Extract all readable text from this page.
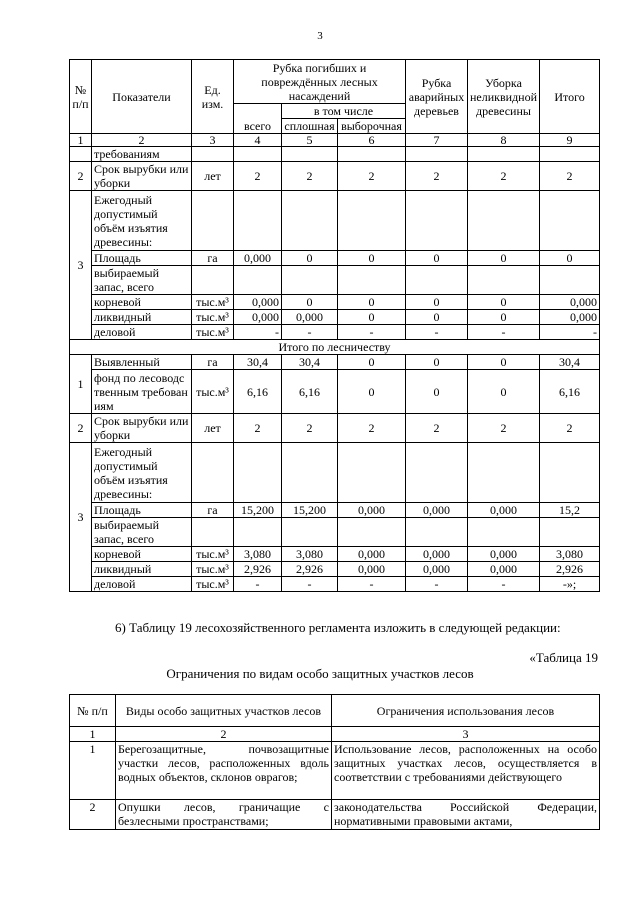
3
№ п/п	Показатели	Ед. изм.	Рубка погибших и повреждённых лесных насаждений			Рубка аварийных деревьев	Уборка неликвидной древесины	Итого
			всего	в том числе				
				сплошная	выборочная			
1	2	3	4	5	6	7	8	9
	требованиям							
2	Срок вырубки или уборки	лет	2	2	2	2	2	2
3	Ежегодный допустимый объём изъятия древесины:							
	Площадь	га	0,000	0	0	0	0	0
	выбираемый запас, всего							
	корневой	тыс.м³	0,000	0	0	0	0	0,000
	ликвидный	тыс.м³	0,000	0,000	0	0	0	0,000
	деловой	тыс.м³	-	-	-	-	-	-
Итого по лесничеству								
1	Выявленный	га	30,4	30,4	0	0	0	30,4
	фонд по лесоводственным требованиям	тыс.м³	6,16	6,16	0	0	0	6,16
2	Срок вырубки или уборки	лет	2	2	2	2	2	2
3	Ежегодный допустимый объём изъятия древесины:							
	Площадь	га	15,200	15,200	0,000	0,000	0,000	15,2
	выбираемый запас, всего							
	корневой	тыс.м³	3,080	3,080	0,000	0,000	0,000	3,080
	ликвидный	тыс.м³	2,926	2,926	0,000	0,000	0,000	2,926
	деловой	тыс.м³	-	-	-	-	-	-»;
6) Таблицу 19 лесохозяйственного регламента изложить в следующей редакции:
«Таблица 19
Ограничения по видам особо защитных участков лесов
№ п/п	Виды особо защитных участков лесов	Ограничения использования лесов
1	2	3
1	Берегозащитные, почвозащитные участки лесов, расположенных вдоль водных объектов, склонов оврагов;	Использование лесов, расположенных на особо защитных участках лесов, осуществляется в соответствии с требованиями действующего
2	Опушки лесов, граничащие с безлесными пространствами;	законодательства Российской Федерации, нормативными правовыми актами,
